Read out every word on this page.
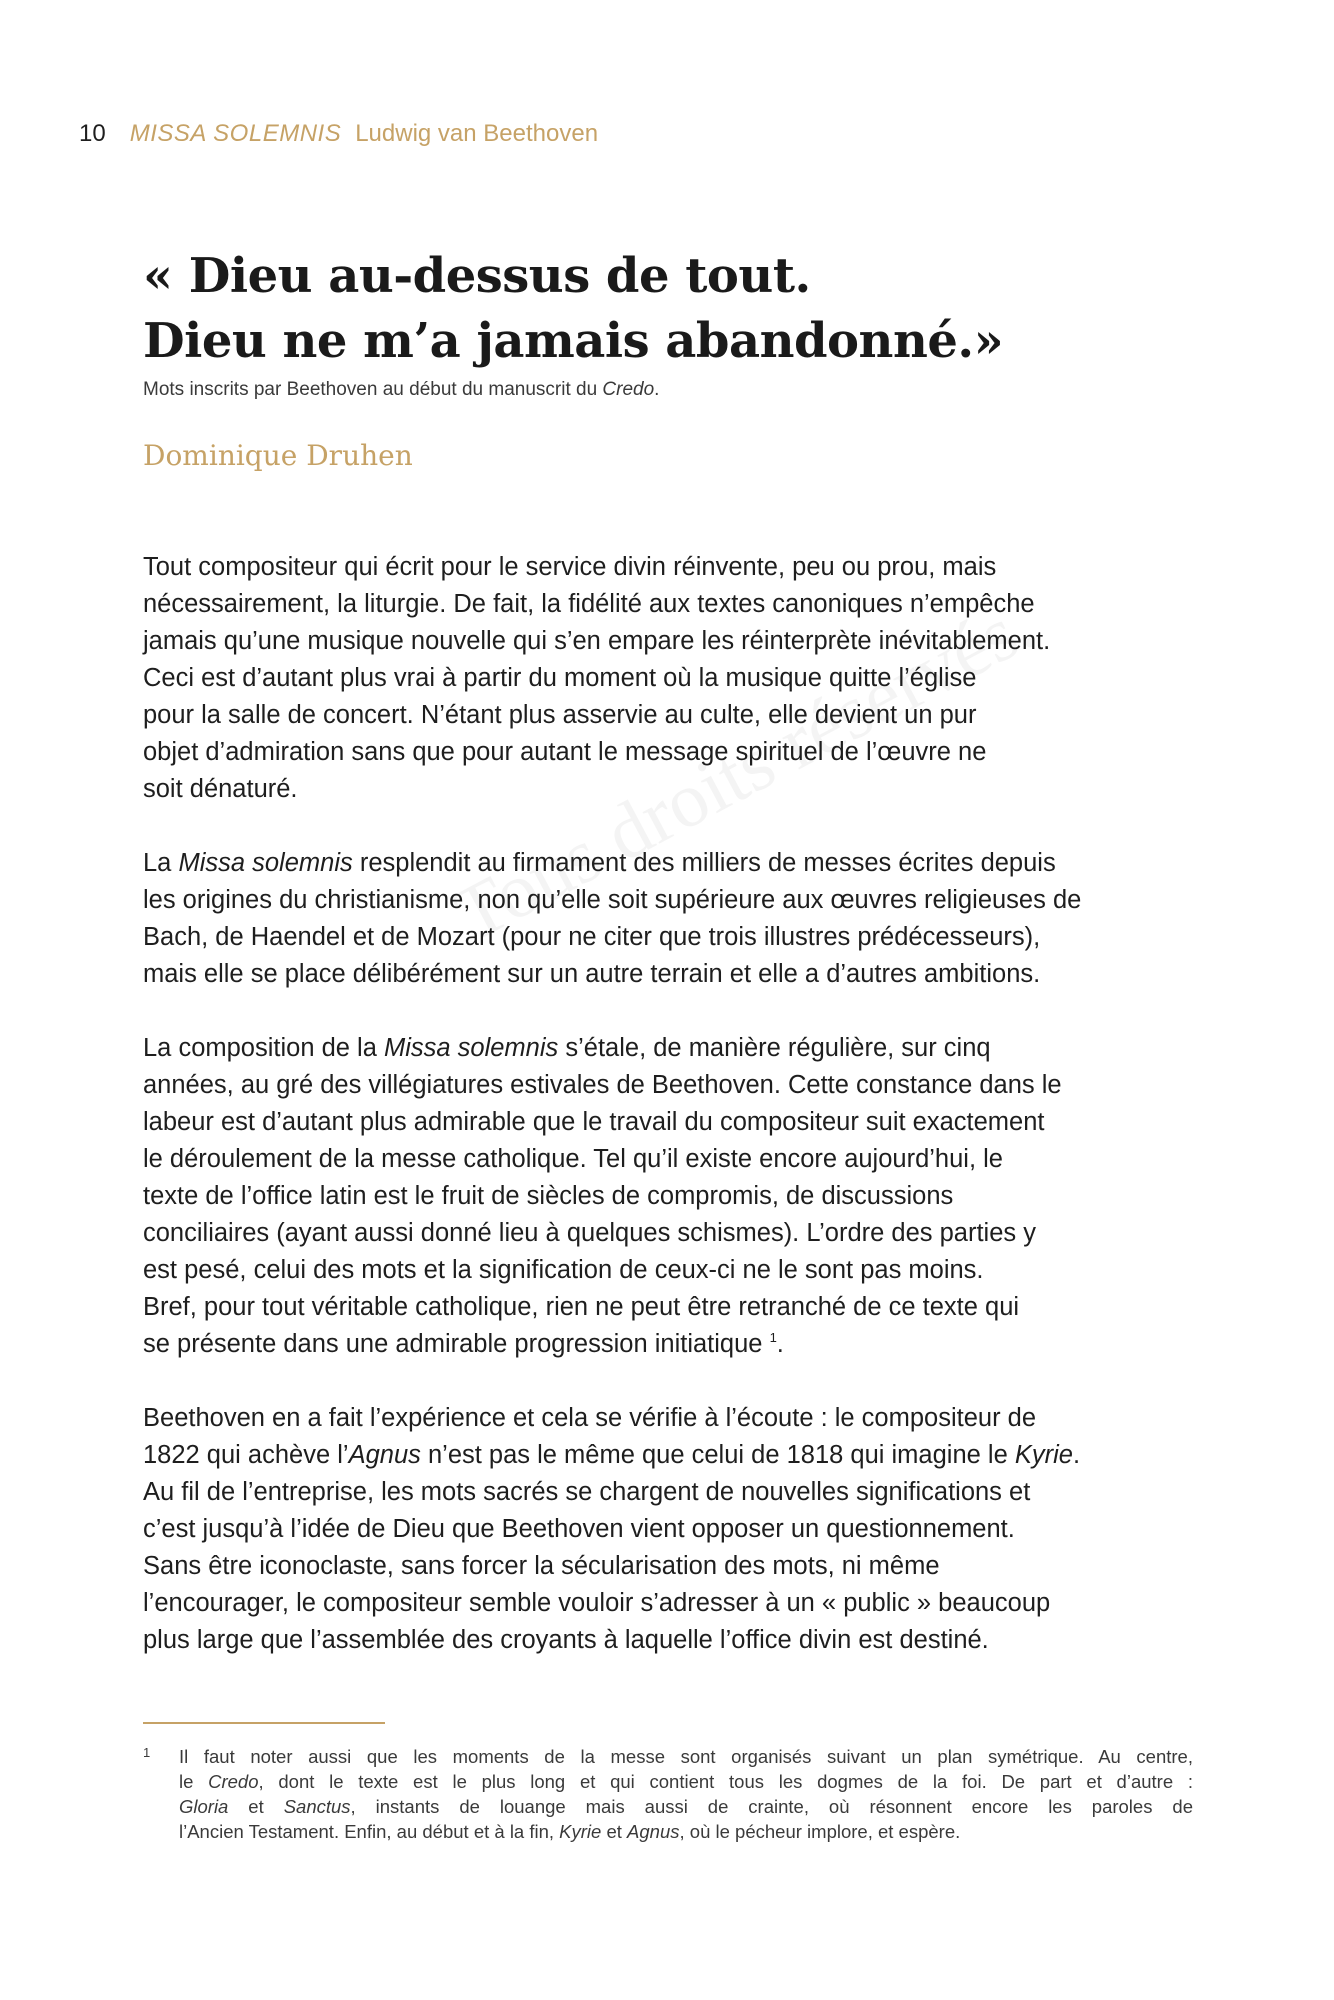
10 MISSA SOLEMNIS Ludwig van Beethoven
« Dieu au-dessus de tout.
Dieu ne m’a jamais abandonné.»
Mots inscrits par Beethoven au début du manuscrit du Credo.
Dominique Druhen

Tout compositeur qui écrit pour le service divin réinvente, peu ou prou, mais
nécessairement, la liturgie. De fait, la fidélité aux textes canoniques n’empêche
jamais qu’une musique nouvelle qui s’en empare les réinterprète inévitablement.
Ceci est d’autant plus vrai à partir du moment où la musique quitte l’église
pour la salle de concert. N’étant plus asservie au culte, elle devient un pur
objet d’admiration sans que pour autant le message spirituel de l’œuvre ne
soit dénaturé.

La Missa solemnis resplendit au firmament des milliers de messes écrites depuis
les origines du christianisme, non qu’elle soit supérieure aux œuvres religieuses de
Bach, de Haendel et de Mozart (pour ne citer que trois illustres prédécesseurs),
mais elle se place délibérément sur un autre terrain et elle a d’autres ambitions.

La composition de la Missa solemnis s’étale, de manière régulière, sur cinq
années, au gré des villégiatures estivales de Beethoven. Cette constance dans le
labeur est d’autant plus admirable que le travail du compositeur suit exactement
le déroulement de la messe catholique. Tel qu’il existe encore aujourd’hui, le
texte de l’office latin est le fruit de siècles de compromis, de discussions
conciliaires (ayant aussi donné lieu à quelques schismes). L’ordre des parties y
est pesé, celui des mots et la signification de ceux-ci ne le sont pas moins.
Bref, pour tout véritable catholique, rien ne peut être retranché de ce texte qui
se présente dans une admirable progression initiatique $^1$.

Beethoven en a fait l’expérience et cela se vérifie à l’écoute : le compositeur de
1822 qui achève l’Agnus n’est pas le même que celui de 1818 qui imagine le Kyrie.
Au fil de l’entreprise, les mots sacrés se chargent de nouvelles significations et
c’est jusqu’à l’idée de Dieu que Beethoven vient opposer un questionnement.
Sans être iconoclaste, sans forcer la sécularisation des mots, ni même
l’encourager, le compositeur semble vouloir s’adresser à un « public » beaucoup
plus large que l’assemblée des croyants à laquelle l’office divin est destiné.

1 Il faut noter aussi que les moments de la messe sont organisés suivant un plan symétrique. Au centre,
le Credo, dont le texte est le plus long et qui contient tous les dogmes de la foi. De part et d’autre :
Gloria et Sanctus, instants de louange mais aussi de crainte, où résonnent encore les paroles de
l’Ancien Testament. Enfin, au début et à la fin, Kyrie et Agnus, où le pécheur implore, et espère.
